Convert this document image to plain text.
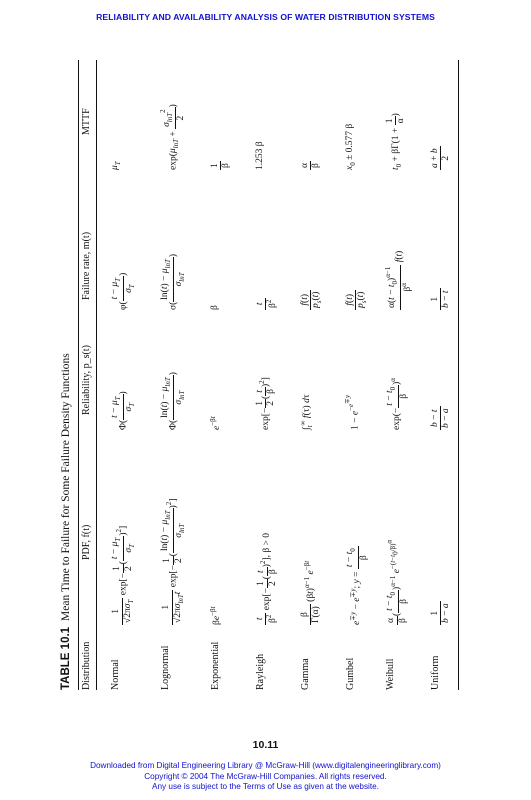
RELIABILITY AND AVAILABILITY ANALYSIS OF WATER DISTRIBUTION SYSTEMS
TABLE 10.1Mean Time to Failure for Some Failure Density Functions
Distribution
PDF, f(t)
Reliability, p_s(t)
Failure rate, m(t)
MTTF
Normal
1 $√2\pi\sigma_T$
exp[−
1 2
(
$t - \mu_T$
$\sigma_T$
)$^2$]
Φ(
$t - \mu_T$
$\sigma_T$
)
φ(
$t - \mu_T$
$\sigma_T$
)
$\mu_T$
Lognormal
1
$√2\pi\sigma_{lnT}t$
exp[−
1 2
(
$\ln(t) - \mu_{lnT}$
$\sigma_{lnT}$
)$^2$]
Φ(
$\ln(t) - \mu_{lnT}$
$\sigma_{lnT}$
)
σ(
$\ln(t) - \mu_{lnT}$
$\sigma_{lnT}$
)
$\exp(\mu_{lnT}$ +
$\sigma_{lnT}^2$
2
)
Exponential
$\beta e^{-\beta t}$
$e^{-\beta t}$
β
1 β
Rayleigh
t $\beta^2$
exp[−
1 2
(
t β
)$^2$], β > 0
exp[−
1 2
(
t β
)$^2$]
t $\beta^2$
1.253 β
Gamma
β Γ(α)
$(\beta t)^{\alpha-1}$ $e^{-\beta t}$
$\int_t^\infty$ f(τ) dτ
f(t)
$p_s(t)$
α β
Gumbel
$e^{\mp y} - e^{\mp y}$; y =
$t - t_0$
β
$1 - e^{-e^{\mp y}}$
f(t)
$p_s(t)$
$x_0 \pm 0.577$ β
Weibull
α β
(
$t - t_0$
β
)$^{\alpha-1}$ $e^{-(t-t_0/\beta)^\alpha}$
exp(−
$t - t_0$
β
)$^\alpha$
$\alpha(t - t_0)^{\alpha-1}$
$\beta^\alpha$
f(t)
$t_0 + \beta\Gamma(1$ +
1 α
)
Uniform
1
b − a
b − t
b − a
1
b − t
a + b
2
10.11
Downloaded from Digital Engineering Library @ McGraw-Hill (www.digitalengineeringlibrary.com)
Copyright © 2004 The McGraw-Hill Companies. All rights reserved.
Any use is subject to the Terms of Use as given at the website.
